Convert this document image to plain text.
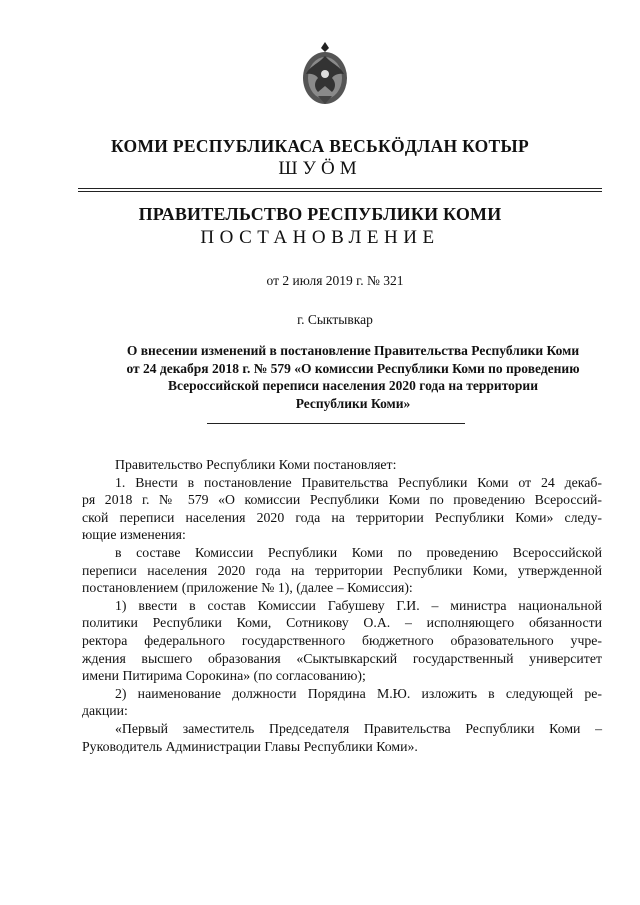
КОМИ РЕСПУБЛИКАСА ВЕСЬКӦДЛАН КОТЫР
ШУӦМ
ПРАВИТЕЛЬСТВО РЕСПУБЛИКИ КОМИ
ПОСТАНОВЛЕНИЕ
от 2 июля 2019 г. № 321
г. Сыктывкар
О внесении изменений в постановление Правительства Республики Коми
от 24 декабря 2018 г. № 579 «О комиссии Республики Коми по проведению
Всероссийской переписи населения 2020 года на территории
Республики Коми»
Правительство Республики Коми постановляет:
1. Внести в постановление Правительства Республики Коми от 24 декаб-
ря 2018 г. № 579 «О комиссии Республики Коми по проведению Всероссий-
ской переписи населения 2020 года на территории Республики Коми» следу-
ющие изменения:
в составе Комиссии Республики Коми по проведению Всероссийской
переписи населения 2020 года на территории Республики Коми, утвержденной
постановлением (приложение № 1), (далее – Комиссия):
1) ввести в состав Комиссии Габушеву Г.И. – министра национальной
политики Республики Коми, Сотникову О.А. – исполняющего обязанности
ректора федерального государственного бюджетного образовательного учре-
ждения высшего образования «Сыктывкарский государственный университет
имени Питирима Сорокина» (по согласованию);
2) наименование должности Порядина М.Ю. изложить в следующей ре-
дакции:
«Первый заместитель Председателя Правительства Республики Коми –
Руководитель Администрации Главы Республики Коми».
